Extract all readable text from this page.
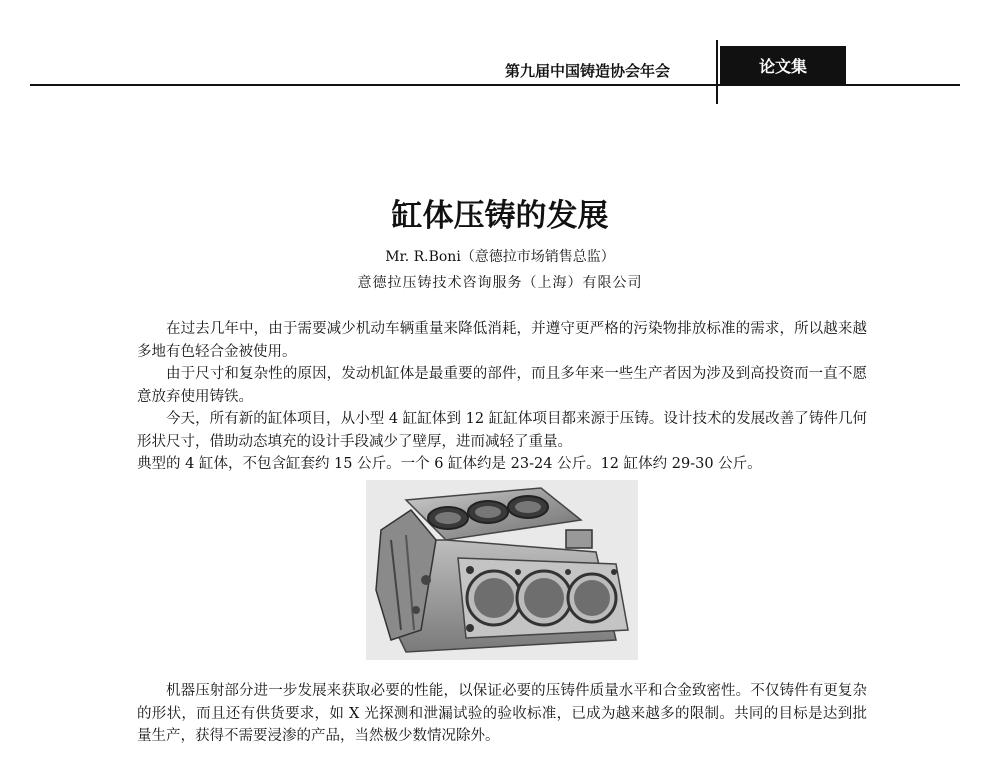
第九届中国铸造协会年会	论文集
缸体压铸的发展
Mr. R.Boni（意德拉市场销售总监）
意德拉压铸技术咨询服务（上海）有限公司

在过去几年中，由于需要减少机动车辆重量来降低消耗，并遵守更严格的污染物排放标准的需求，所以越来越多地有色轻合金被使用。

由于尺寸和复杂性的原因，发动机缸体是最重要的部件，而且多年来一些生产者因为涉及到高投资而一直不愿意放弃使用铸铁。

今天，所有新的缸体项目，从小型 4 缸缸体到 12 缸缸体项目都来源于压铸。设计技术的发展改善了铸件几何形状尺寸，借助动态填充的设计手段减少了壁厚，进而减轻了重量。

典型的 4 缸体，不包含缸套约 15 公斤。一个 6 缸体约是 23-24 公斤。12 缸体约 29-30 公斤。

机器压射部分进一步发展来获取必要的性能，以保证必要的压铸件质量水平和合金致密性。不仅铸件有更复杂的形状，而且还有供货要求，如 X 光探测和泄漏试验的验收标准，已成为越来越多的限制。共同的目标是达到批量生产，获得不需要浸渗的产品，当然极少数情况除外。
